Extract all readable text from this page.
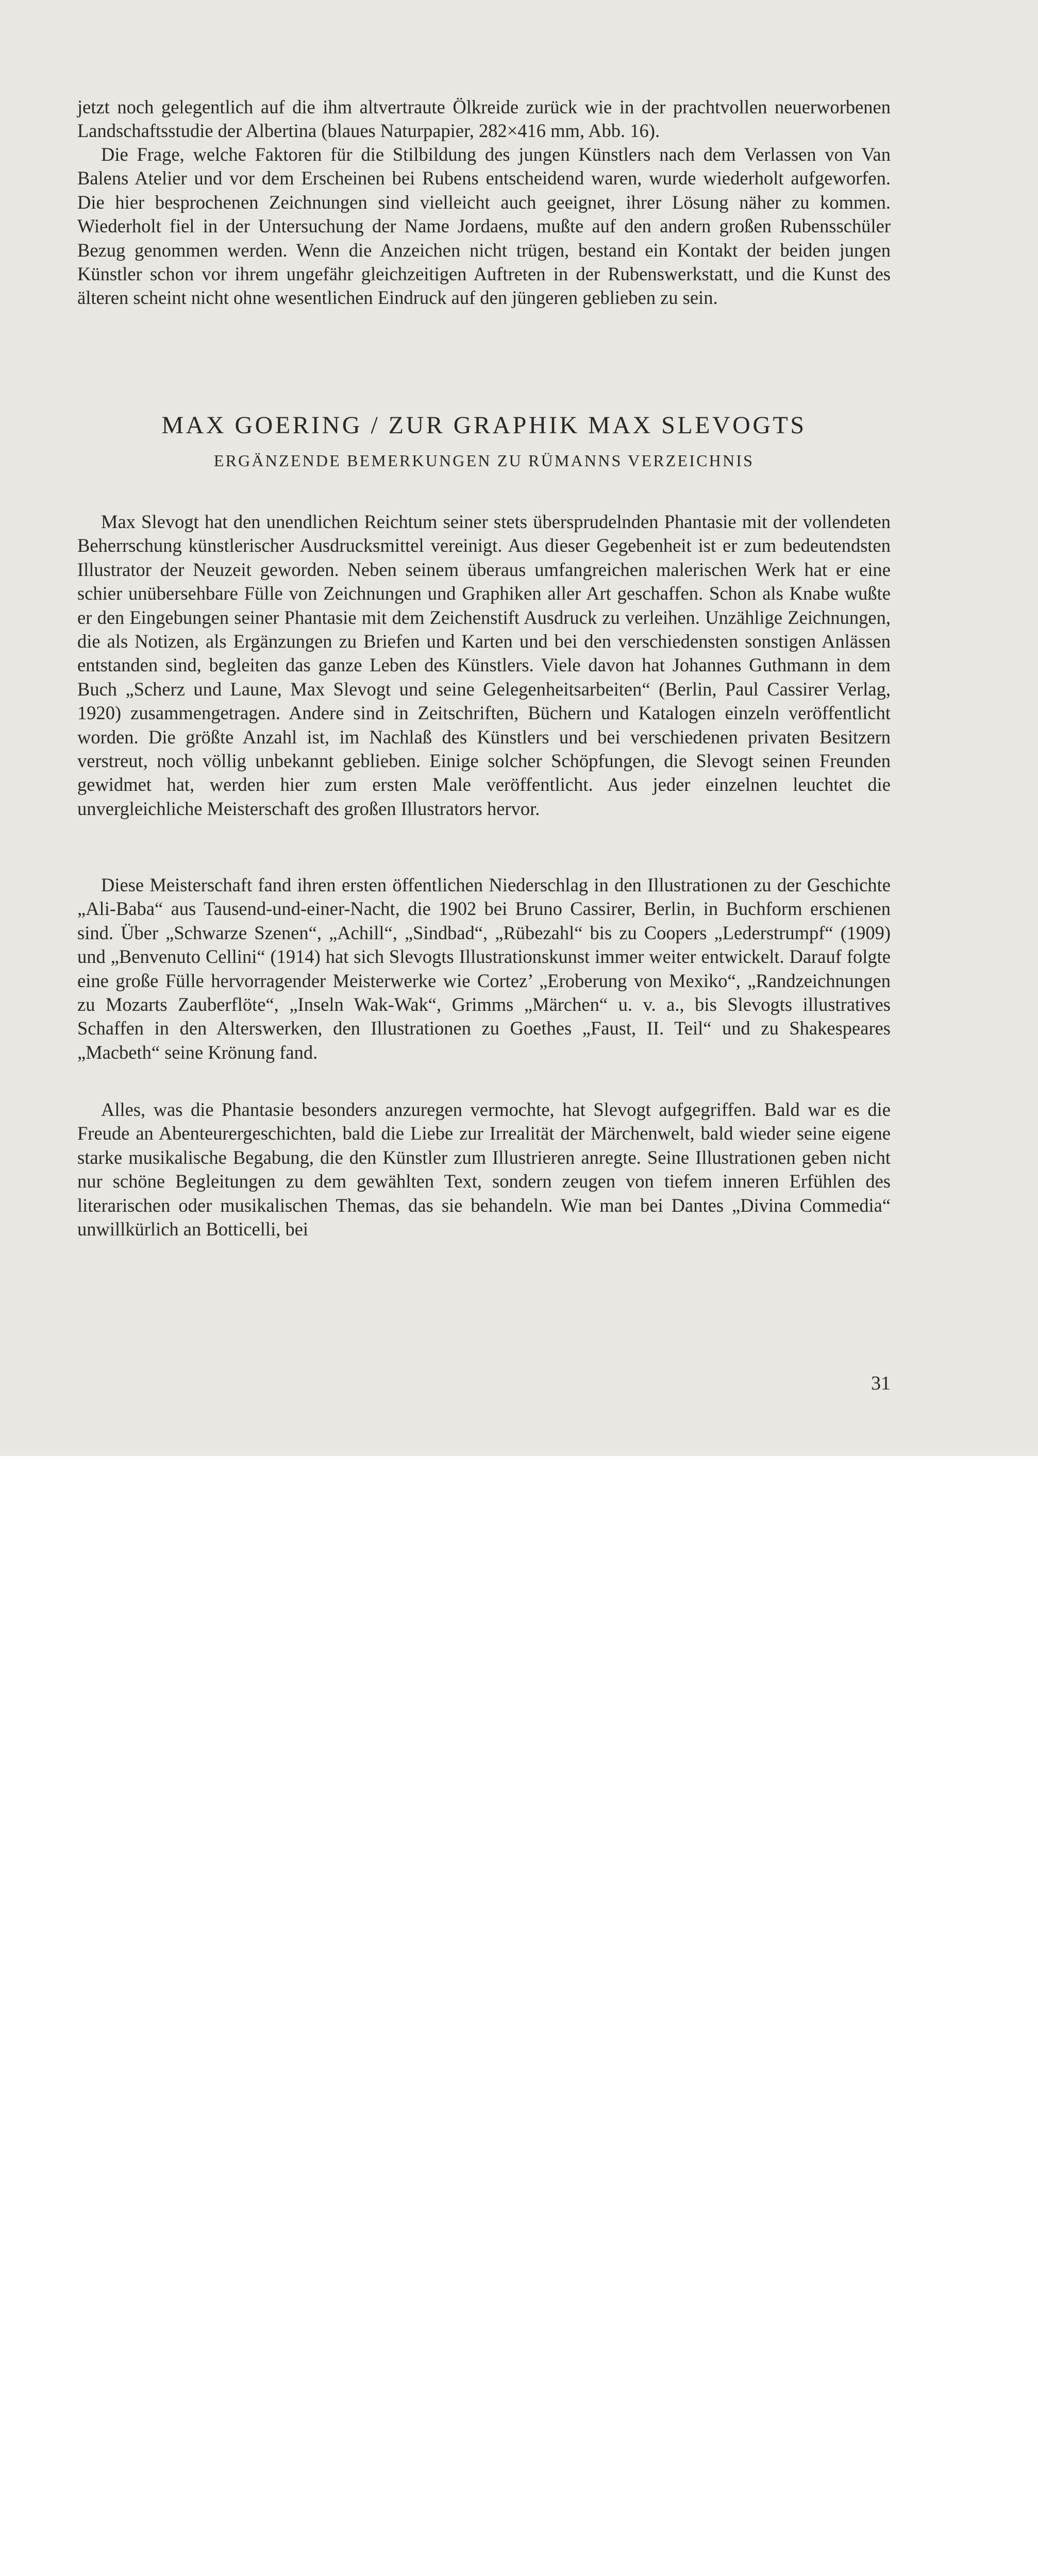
jetzt noch gelegentlich auf die ihm altvertraute Ölkreide zurück wie in der prachtvollen neuerworbenen Landschaftsstudie der Albertina (blaues Naturpapier, 282×416 mm, Abb. 16).

Die Frage, welche Faktoren für die Stilbildung des jungen Künstlers nach dem Verlassen von Van Balens Atelier und vor dem Erscheinen bei Rubens entscheidend waren, wurde wiederholt aufgeworfen. Die hier besprochenen Zeichnungen sind vielleicht auch geeignet, ihrer Lösung näher zu kommen. Wiederholt fiel in der Untersuchung der Name Jordaens, mußte auf den andern großen Rubensschüler Bezug genommen werden. Wenn die Anzeichen nicht trügen, bestand ein Kontakt der beiden jungen Künstler schon vor ihrem ungefähr gleichzeitigen Auftreten in der Rubenswerkstatt, und die Kunst des älteren scheint nicht ohne wesentlichen Eindruck auf den jüngeren geblieben zu sein.

MAX GOERING / ZUR GRAPHIK MAX SLEVOGTS
ERGÄNZENDE BEMERKUNGEN ZU RÜMANNS VERZEICHNIS

Max Slevogt hat den unendlichen Reichtum seiner stets übersprudelnden Phantasie mit der vollendeten Beherrschung künstlerischer Ausdrucksmittel vereinigt. Aus dieser Gegebenheit ist er zum bedeutendsten Illustrator der Neuzeit geworden. Neben seinem überaus umfangreichen malerischen Werk hat er eine schier unübersehbare Fülle von Zeichnungen und Graphiken aller Art geschaffen. Schon als Knabe wußte er den Eingebungen seiner Phantasie mit dem Zeichenstift Ausdruck zu verleihen. Unzählige Zeichnungen, die als Notizen, als Ergänzungen zu Briefen und Karten und bei den verschiedensten sonstigen Anlässen entstanden sind, begleiten das ganze Leben des Künstlers. Viele davon hat Johannes Guthmann in dem Buch „Scherz und Laune, Max Slevogt und seine Gelegenheitsarbeiten“ (Berlin, Paul Cassirer Verlag, 1920) zusammengetragen. Andere sind in Zeitschriften, Büchern und Katalogen einzeln veröffentlicht worden. Die größte Anzahl ist, im Nachlaß des Künstlers und bei verschiedenen privaten Besitzern verstreut, noch völlig unbekannt geblieben. Einige solcher Schöpfungen, die Slevogt seinen Freunden gewidmet hat, werden hier zum ersten Male veröffentlicht. Aus jeder einzelnen leuchtet die unvergleichliche Meisterschaft des großen Illustrators hervor.

Diese Meisterschaft fand ihren ersten öffentlichen Niederschlag in den Illustrationen zu der Geschichte „Ali-Baba“ aus Tausend-und-einer-Nacht, die 1902 bei Bruno Cassirer, Berlin, in Buchform erschienen sind. Über „Schwarze Szenen“, „Achill“, „Sindbad“, „Rübezahl“ bis zu Coopers „Lederstrumpf“ (1909) und „Benvenuto Cellini“ (1914) hat sich Slevogts Illustrationskunst immer weiter entwickelt. Darauf folgte eine große Fülle hervorragender Meisterwerke wie Cortez’ „Eroberung von Mexiko“, „Randzeichnungen zu Mozarts Zauberflöte“, „Inseln Wak-Wak“, Grimms „Märchen“ u. v. a., bis Slevogts illustratives Schaffen in den Alterswerken, den Illustrationen zu Goethes „Faust, II. Teil“ und zu Shakespeares „Macbeth“ seine Krönung fand.

Alles, was die Phantasie besonders anzuregen vermochte, hat Slevogt aufgegriffen. Bald war es die Freude an Abenteurergeschichten, bald die Liebe zur Irrealität der Märchenwelt, bald wieder seine eigene starke musikalische Begabung, die den Künstler zum Illustrieren anregte. Seine Illustrationen geben nicht nur schöne Begleitungen zu dem gewählten Text, sondern zeugen von tiefem inneren Erfühlen des literarischen oder musikalischen Themas, das sie behandeln. Wie man bei Dantes „Divina Commedia“ unwillkürlich an Botticelli, bei

31
